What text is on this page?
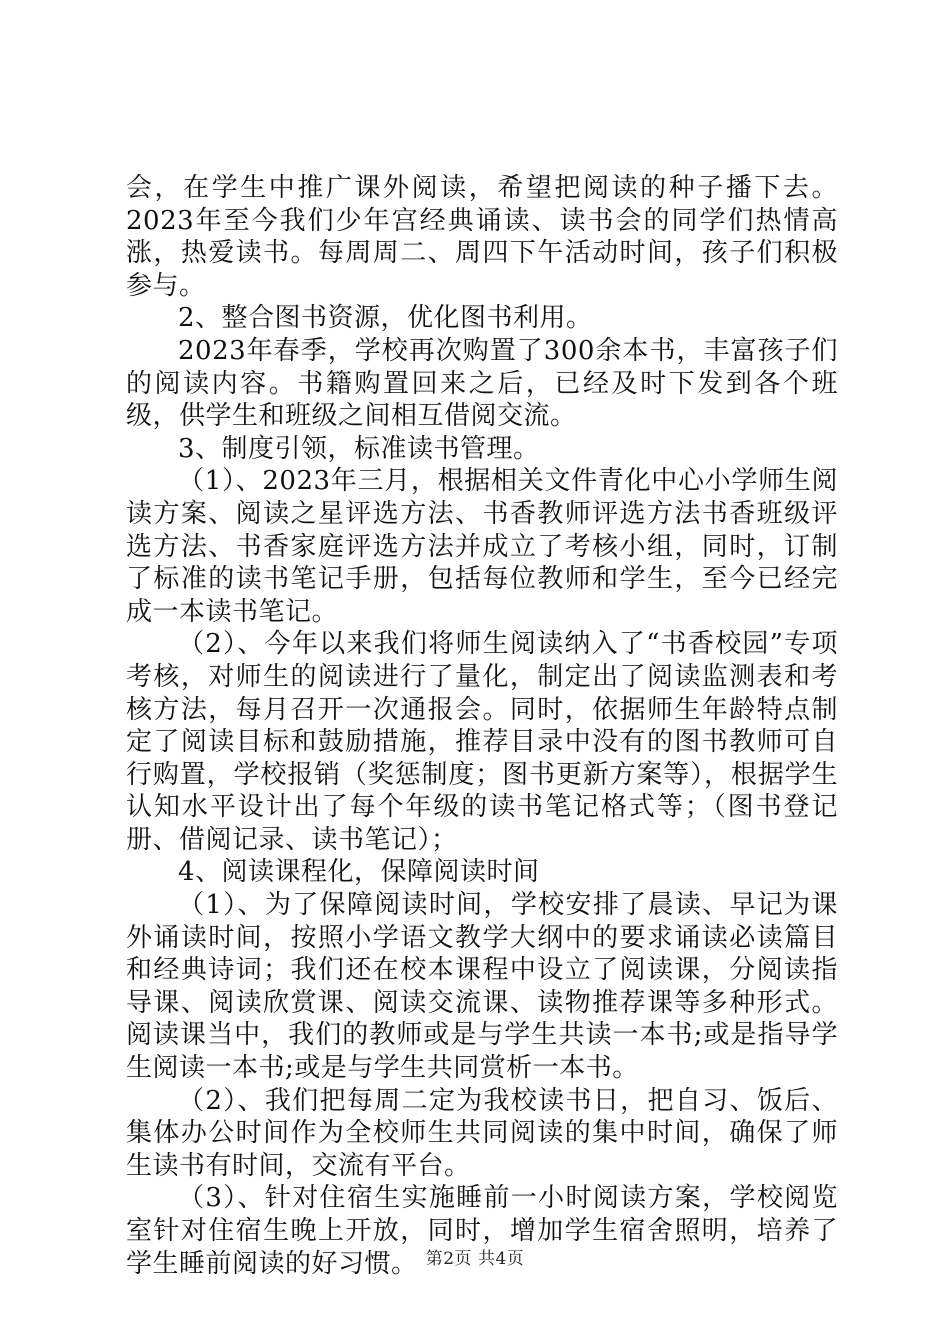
会，在学生中推广课外阅读，希望把阅读的种子播下去。2023年至今我们少年宫经典诵读、读书会的同学们热情高涨，热爱读书。每周周二、周四下午活动时间，孩子们积极参与。

2、整合图书资源，优化图书利用。

2023年春季，学校再次购置了300余本书，丰富孩子们的阅读内容。书籍购置回来之后，已经及时下发到各个班级，供学生和班级之间相互借阅交流。

3、制度引领，标准读书管理。

（1）、2023年三月，根据相关文件青化中心小学师生阅读方案、阅读之星评选方法、书香教师评选方法书香班级评选方法、书香家庭评选方法并成立了考核小组，同时，订制了标准的读书笔记手册，包括每位教师和学生，至今已经完成一本读书笔记。

（2）、今年以来我们将师生阅读纳入了“书香校园”专项考核，对师生的阅读进行了量化，制定出了阅读监测表和考核方法，每月召开一次通报会。同时，依据师生年龄特点制定了阅读目标和鼓励措施，推荐目录中没有的图书教师可自行购置，学校报销（奖惩制度；图书更新方案等），根据学生认知水平设计出了每个年级的读书笔记格式等；（图书登记册、借阅记录、读书笔记）；

4、阅读课程化，保障阅读时间

（1）、为了保障阅读时间，学校安排了晨读、早记为课外诵读时间，按照小学语文教学大纲中的要求诵读必读篇目和经典诗词；我们还在校本课程中设立了阅读课，分阅读指导课、阅读欣赏课、阅读交流课、读物推荐课等多种形式。阅读课当中，我们的教师或是与学生共读一本书;或是指导学生阅读一本书;或是与学生共同赏析一本书。

（2）、我们把每周二定为我校读书日，把自习、饭后、集体办公时间作为全校师生共同阅读的集中时间，确保了师生读书有时间，交流有平台。

（3）、针对住宿生实施睡前一小时阅读方案，学校阅览室针对住宿生晚上开放，同时，增加学生宿舍照明，培养了学生睡前阅读的好习惯。 第2页 共4页
